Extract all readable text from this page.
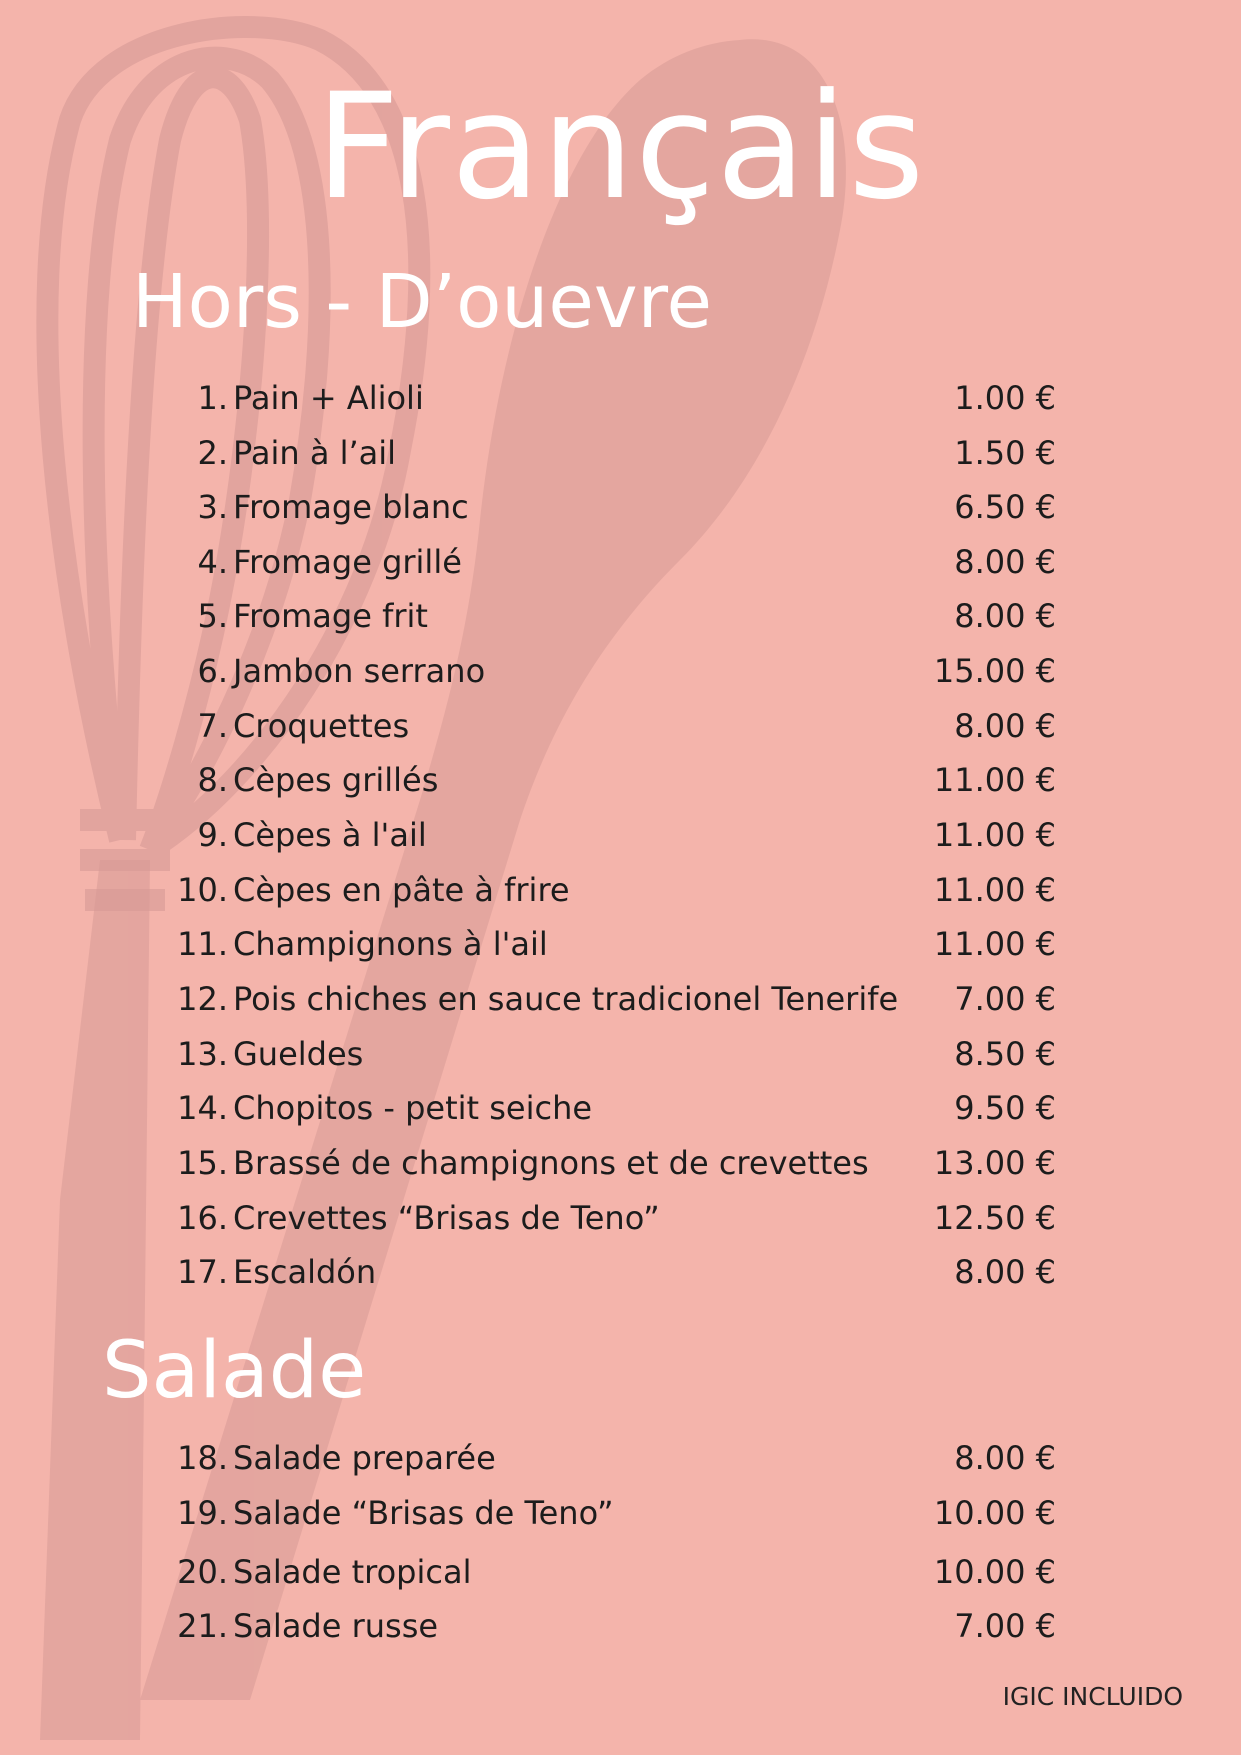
Français
Hors - D’ouevre
1. Pain + Alioli	1.00 €
2. Pain à l’ail	1.50 €
3. Fromage blanc	6.50 €
4. Fromage grillé	8.00 €
5. Fromage frit	8.00 €
6. Jambon serrano	15.00 €
7. Croquettes	8.00 €
8. Cèpes grillés	11.00 €
9. Cèpes à l'ail	11.00 €
10. Cèpes en pâte à frire	11.00 €
11. Champignons à l'ail	11.00 €
12. Pois chiches en sauce tradicionel Tenerife 7.00 €
13. Gueldes	8.50 €
14. Chopitos - petit seiche	9.50 €
15. Brassé de champignons et de crevettes 13.00 €
16. Crevettes “Brisas de Teno”	12.50 €
17. Escaldón	8.00 €
Salade
18. Salade preparée	8.00 €
19. Salade “Brisas de Teno”	10.00 €
20. Salade tropical	10.00 €
21. Salade russe	7.00 €
IGIC INCLUIDO
